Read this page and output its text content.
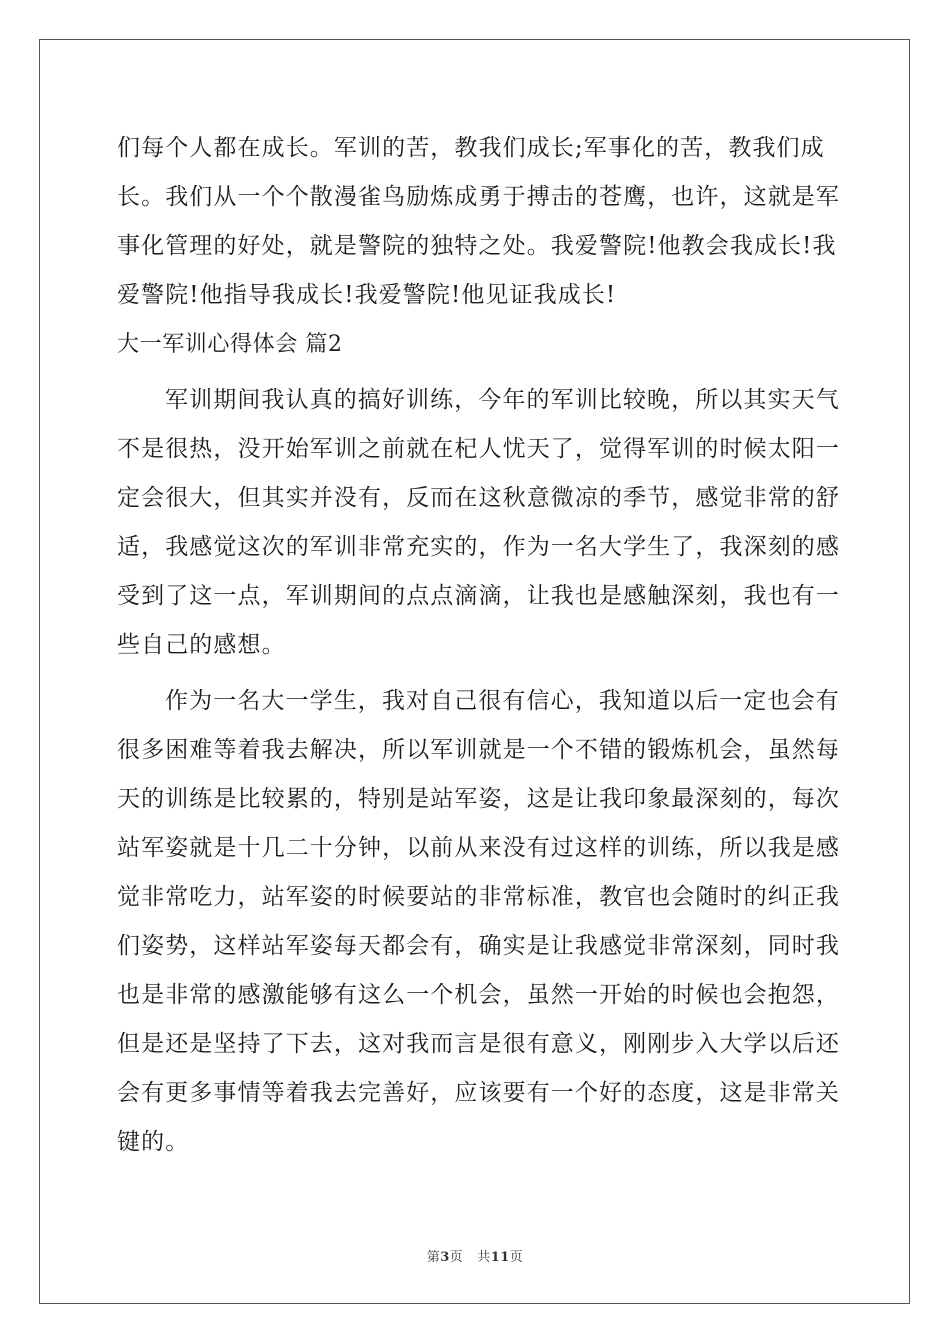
们每个人都在成长。军训的苦，教我们成长;军事化的苦，教我们成
长。我们从一个个散漫雀鸟励炼成勇于搏击的苍鹰，也许，这就是军
事化管理的好处，就是警院的独特之处。我爱警院!他教会我成长!我
爱警院!他指导我成长!我爱警院!他见证我成长!
大一军训心得体会 篇2
军训期间我认真的搞好训练，今年的军训比较晚，所以其实天气
不是很热，没开始军训之前就在杞人忧天了，觉得军训的时候太阳一
定会很大，但其实并没有，反而在这秋意微凉的季节，感觉非常的舒
适，我感觉这次的军训非常充实的，作为一名大学生了，我深刻的感
受到了这一点，军训期间的点点滴滴，让我也是感触深刻，我也有一
些自己的感想。
作为一名大一学生，我对自己很有信心，我知道以后一定也会有
很多困难等着我去解决，所以军训就是一个不错的锻炼机会，虽然每
天的训练是比较累的，特别是站军姿，这是让我印象最深刻的，每次
站军姿就是十几二十分钟，以前从来没有过这样的训练，所以我是感
觉非常吃力，站军姿的时候要站的非常标准，教官也会随时的纠正我
们姿势，这样站军姿每天都会有，确实是让我感觉非常深刻，同时我
也是非常的感激能够有这么一个机会，虽然一开始的时候也会抱怨，
但是还是坚持了下去，这对我而言是很有意义，刚刚步入大学以后还
会有更多事情等着我去完善好，应该要有一个好的态度，这是非常关
键的。
第3页 共11页
